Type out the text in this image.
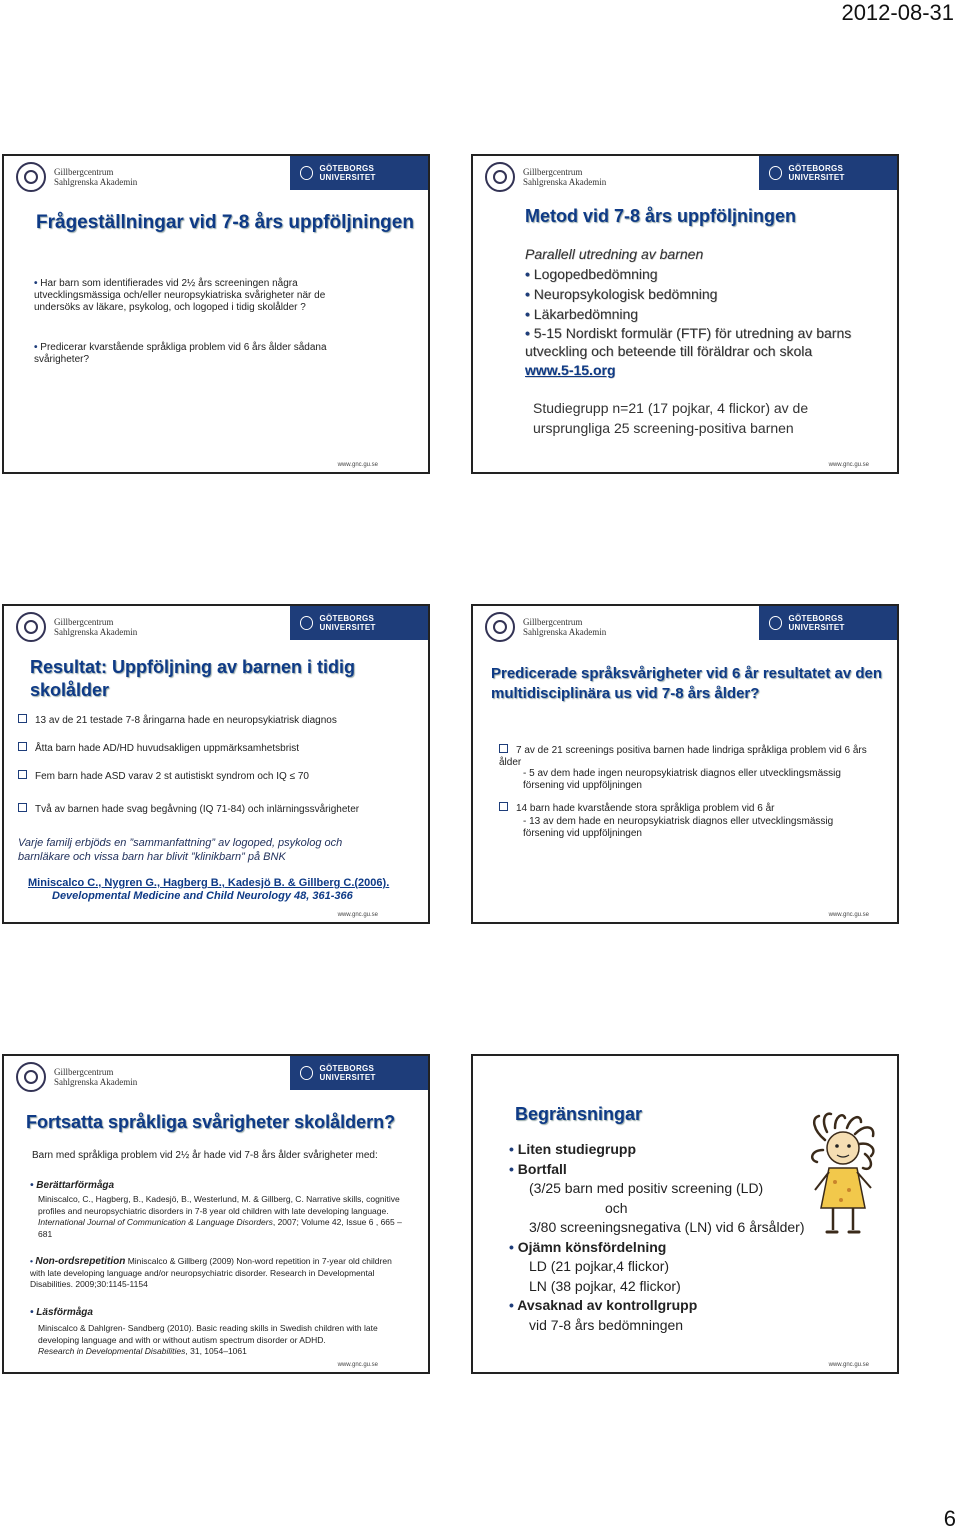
2012-08-31
Gillbergcentrum
Sahlgrenska Akademin
GÖTEBORGS UNIVERSITET
Frågeställningar vid 7-8 års uppföljningen
• Har barn som identifierades vid 2½ års screeningen några utvecklingsmässiga och/eller neuropsykiatriska svårigheter när de undersöks av läkare, psykolog, och logoped i tidig skolålder ?
• Predicerar kvarstående språkliga problem vid 6 års ålder sådana svårigheter?
www.gnc.gu.se
Gillbergcentrum
Sahlgrenska Akademin
GÖTEBORGS UNIVERSITET
Metod vid 7-8 års uppföljningen
Parallell utredning av barnen
• Logopedbedömning
• Neuropsykologisk bedömning
• Läkarbedömning
• 5-15 Nordiskt formulär (FTF) för utredning av barns utveckling och beteende till föräldrar och skola
www.5-15.org
Studiegrupp n=21 (17 pojkar, 4 flickor) av de ursprungliga 25 screening-positiva barnen
www.gnc.gu.se
Gillbergcentrum
Sahlgrenska Akademin
GÖTEBORGS UNIVERSITET
Resultat: Uppföljning av barnen i tidig skolålder
13 av de 21 testade 7-8 åringarna hade en neuropsykiatrisk diagnos
Åtta barn hade AD/HD huvudsakligen uppmärksamhetsbrist
Fem barn hade ASD varav 2 st autistiskt syndrom och IQ ≤ 70
Två av barnen hade svag begåvning (IQ 71-84) och inlärningssvårigheter
Varje familj erbjöds en ”sammanfattning” av logoped, psykolog och barnläkare och vissa barn har blivit ”klinikbarn” på BNK
Miniscalco C., Nygren G., Hagberg B., Kadesjö B. & Gillberg C.(2006).
Developmental Medicine and Child Neurology 48, 361-366
www.gnc.gu.se
Gillbergcentrum
Sahlgrenska Akademin
GÖTEBORGS UNIVERSITET
Predicerade språksvårigheter vid 6 år resultatet av den multidisciplinära us vid 7-8 års ålder?
7 av de 21 screenings positiva barnen hade lindriga språkliga problem vid 6 års ålder
- 5 av dem hade ingen neuropsykiatrisk diagnos eller utvecklingsmässig försening vid uppföljningen
14 barn hade kvarstående stora språkliga problem vid 6 år
- 13 av dem hade en neuropsykiatrisk diagnos eller utvecklingsmässig försening vid uppföljningen
www.gnc.gu.se
Gillbergcentrum
Sahlgrenska Akademin
GÖTEBORGS UNIVERSITET
Fortsatta språkliga svårigheter skolåldern?
Barn med språkliga problem vid 2½ år hade vid 7-8 års ålder svårigheter med:
• Berättarförmåga
Miniscalco, C., Hagberg, B., Kadesjö, B., Westerlund, M. & Gillberg, C. Narrative skills, cognitive profiles and neuropsychiatric disorders in 7-8 year old children with late developing language. International Journal of Communication & Language Disorders, 2007; Volume 42, Issue 6 , 665 – 681
• Non-ordsrepetition Miniscalco & Gillberg (2009) Non-word repetition in 7-year old children with late developing language and/or neuropsychiatric disorder. Research in Developmental Disabilities. 2009;30:1145-1154
• Läsförmåga
Miniscalco & Dahlgren- Sandberg (2010). Basic reading skills in Swedish children with late developing language and with or without autism spectrum disorder or ADHD.
Research in Developmental Disabilities, 31, 1054–1061
www.gnc.gu.se
Begränsningar
• Liten studiegrupp
• Bortfall
(3/25 barn med positiv screening (LD)
och
3/80 screeningsnegativa (LN) vid 6 årsålder)
• Ojämn könsfördelning
LD (21 pojkar,4 flickor)
LN (38 pojkar, 42 flickor)
• Avsaknad av kontrollgrupp
vid 7-8 års bedömningen
www.gnc.gu.se
6
